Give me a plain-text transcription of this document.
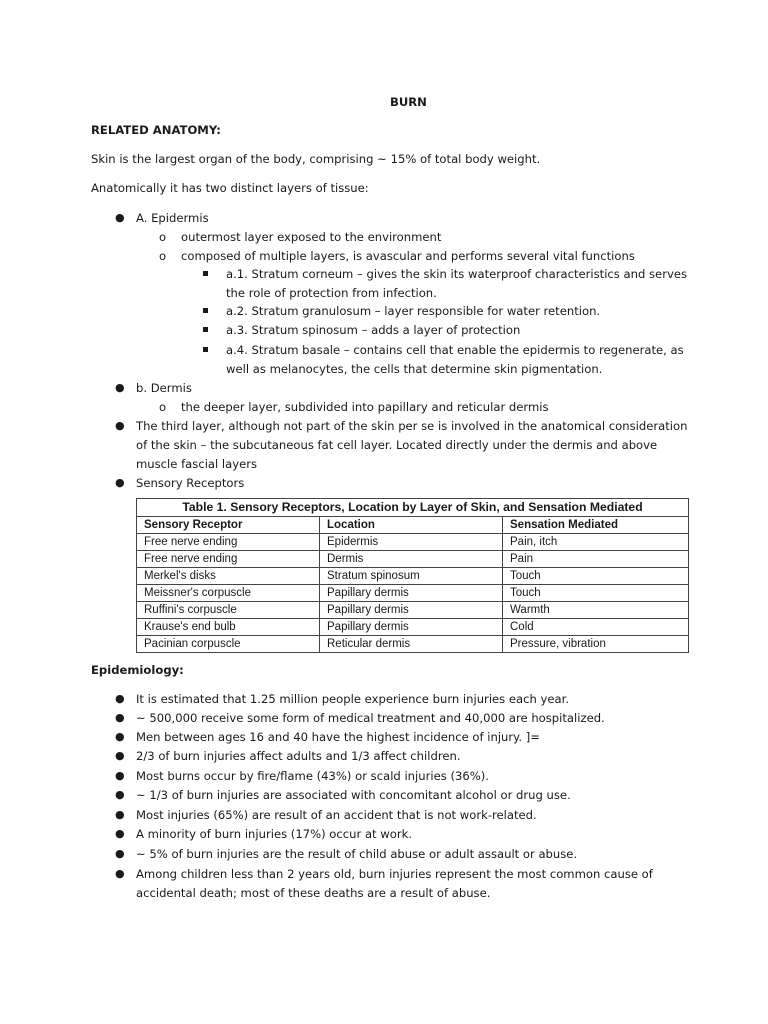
BURN
RELATED ANATOMY:
Skin is the largest organ of the body, comprising ~ 15% of total body weight.
Anatomically it has two distinct layers of tissue:
● A. Epidermis
o outermost layer exposed to the environment
o composed of multiple layers, is avascular and performs several vital functions
a.1. Stratum corneum – gives the skin its waterproof characteristics and serves
the role of protection from infection.
a.2. Stratum granulosum – layer responsible for water retention.
a.3. Stratum spinosum – adds a layer of protection
a.4. Stratum basale – contains cell that enable the epidermis to regenerate, as
well as melanocytes, the cells that determine skin pigmentation.
● b. Dermis
o the deeper layer, subdivided into papillary and reticular dermis
● The third layer, although not part of the skin per se is involved in the anatomical consideration
of the skin – the subcutaneous fat cell layer. Located directly under the dermis and above
muscle fascial layers
● Sensory Receptors
Table 1. Sensory Receptors, Location by Layer of Skin, and Sensation Mediated
Sensory Receptor	Location	Sensation Mediated
Free nerve ending	Epidermis	Pain, itch
Free nerve ending	Dermis	Pain
Merkel's disks	Stratum spinosum	Touch
Meissner's corpuscle	Papillary dermis	Touch
Ruffini's corpuscle	Papillary dermis	Warmth
Krause's end bulb	Papillary dermis	Cold
Pacinian corpuscle	Reticular dermis	Pressure, vibration
Epidemiology:
● It is estimated that 1.25 million people experience burn injuries each year.
● ~ 500,000 receive some form of medical treatment and 40,000 are hospitalized.
● Men between ages 16 and 40 have the highest incidence of injury. ]=
● 2/3 of burn injuries affect adults and 1/3 affect children.
● Most burns occur by fire/flame (43%) or scald injuries (36%).
● ~ 1/3 of burn injuries are associated with concomitant alcohol or drug use.
● Most injuries (65%) are result of an accident that is not work-related.
● A minority of burn injuries (17%) occur at work.
● ~ 5% of burn injuries are the result of child abuse or adult assault or abuse.
● Among children less than 2 years old, burn injuries represent the most common cause of
accidental death; most of these deaths are a result of abuse.
